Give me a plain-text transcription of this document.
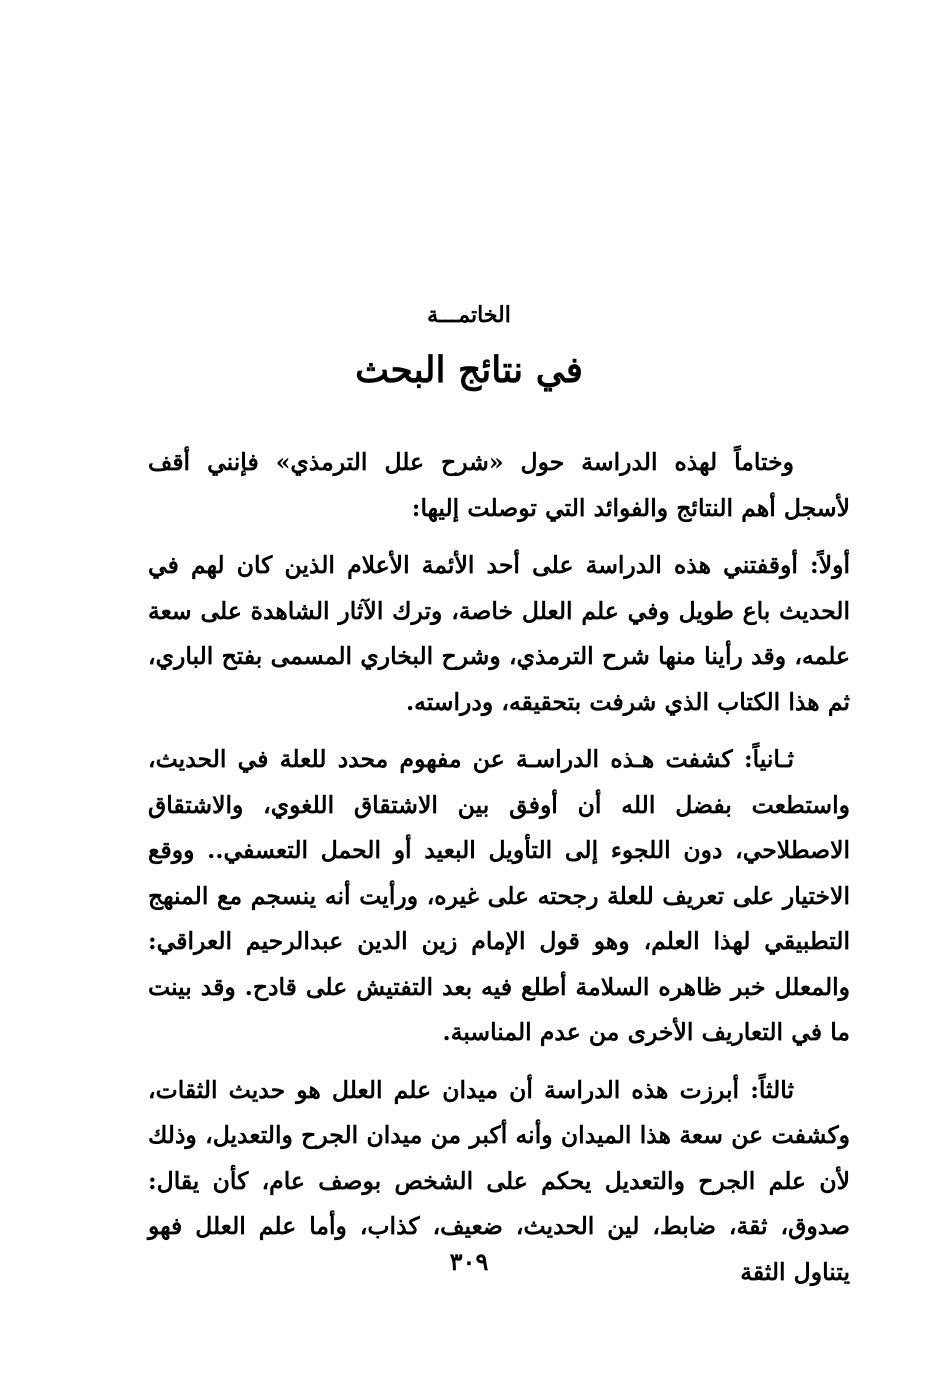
الخاتمـــة
في نتائج البحث

وختاماً لهذه الدراسة حول «شرح علل الترمذي» فإنني أقف لأسجل أهم النتائج والفوائد التي توصلت إليها:

أولاً: أوقفتني هذه الدراسة على أحد الأئمة الأعلام الذين كان لهم في الحديث باع طويل وفي علم العلل خاصة، وترك الآثار الشاهدة على سعة علمه، وقد رأينا منها شرح الترمذي، وشرح البخاري المسمى بفتح الباري، ثم هذا الكتاب الذي شرفت بتحقيقه، ودراسته.

ثـانياً: كشفت هـذه الدراسـة عن مفهوم محدد للعلة في الحديث، واستطعت بفضل الله أن أوفق بين الاشتقاق اللغوي، والاشتقاق الاصطلاحي، دون اللجوء إلى التأويل البعيد أو الحمل التعسفي.. ووقع الاختيار على تعريف للعلة رجحته على غيره، ورأيت أنه ينسجم مع المنهج التطبيقي لهذا العلم، وهو قول الإمام زين الدين عبدالرحيم العراقي: والمعلل خبر ظاهره السلامة أطلع فيه بعد التفتيش على قادح. وقد بينت ما في التعاريف الأخرى من عدم المناسبة.

ثالثاً: أبرزت هذه الدراسة أن ميدان علم العلل هو حديث الثقات، وكشفت عن سعة هذا الميدان وأنه أكبر من ميدان الجرح والتعديل، وذلك لأن علم الجرح والتعديل يحكم على الشخص بوصف عام، كأن يقال: صدوق، ثقة، ضابط، لين الحديث، ضعيف، كذاب، وأما علم العلل فهو يتناول الثقة

٣٠٩
